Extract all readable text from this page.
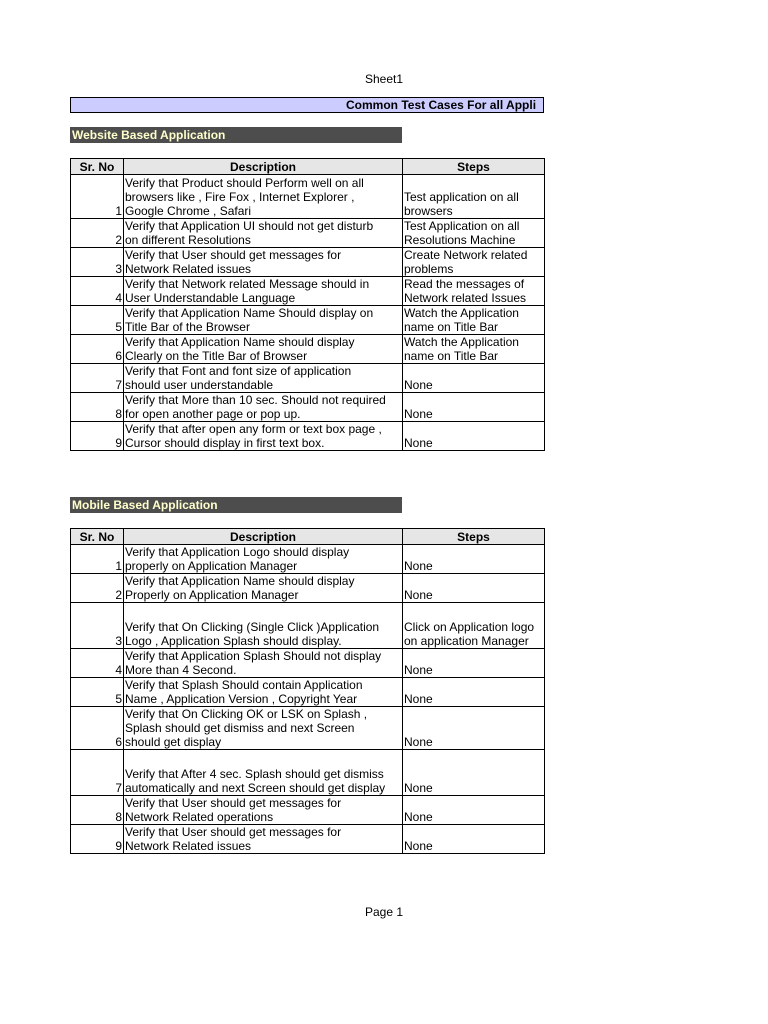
Sheet1
Common Test Cases For all Appli
Website Based Application
Sr. No	Description	Steps
1	Verify that Product should Perform well on all
browsers like , Fire Fox , Internet Explorer ,
Google Chrome , Safari	Test application on all
browsers
2	Verify that Application UI should not get disturb
on different Resolutions	Test Application on all
Resolutions Machine
3	Verify that User should get messages for
Network Related issues	Create Network related
problems
4	Verify that Network related Message should in
User Understandable Language	Read the messages of
Network related Issues
5	Verify that Application Name Should display on
Title Bar of the Browser	Watch the Application
name on Title Bar
6	Verify that Application Name should display
Clearly on the Title Bar of Browser	Watch the Application
name on Title Bar
7	Verify that Font and font size of application
should user understandable	None
8	Verify that More than 10 sec. Should not required
for open another page or pop up.	None
9	Verify that after open any form or text box page ,
Cursor should display in first text box.	None
Mobile Based Application
Sr. No	Description	Steps
1	Verify that Application Logo should display
properly on Application Manager	None
2	Verify that Application Name should display
Properly on Application Manager	None
3	Verify that On Clicking (Single Click )Application
Logo , Application Splash should display.	Click on Application logo
on application Manager
4	Verify that Application Splash Should not display
More than 4 Second.	None
5	Verify that Splash Should contain Application
Name , Application Version , Copyright Year	None
6	Verify that On Clicking OK or LSK on Splash ,
Splash should get dismiss and next Screen
should get display	None
7	Verify that After 4 sec. Splash should get dismiss
automatically and next Screen should get display	None
8	Verify that User should get messages for
Network Related operations	None
9	Verify that User should get messages for
Network Related issues	None
Page 1
